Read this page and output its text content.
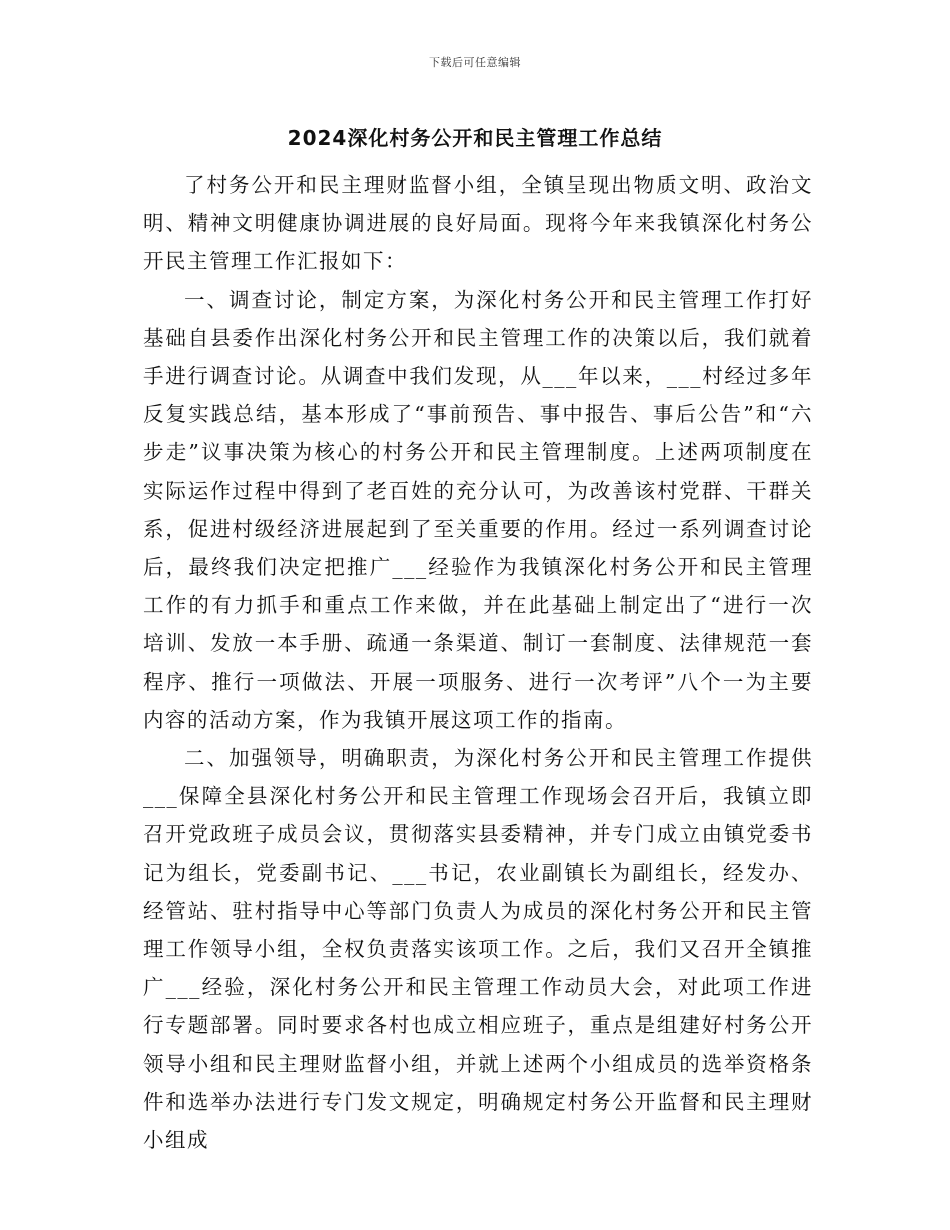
下载后可任意编辑
2024深化村务公开和民主管理工作总结

了村务公开和民主理财监督小组，全镇呈现出物质文明、政治文明、精神文明健康协调进展的良好局面。现将今年来我镇深化村务公开民主管理工作汇报如下：

一、调查讨论，制定方案，为深化村务公开和民主管理工作打好基础自县委作出深化村务公开和民主管理工作的决策以后，我们就着手进行调查讨论。从调查中我们发现，从___年以来，___村经过多年反复实践总结，基本形成了“事前预告、事中报告、事后公告”和“六步走”议事决策为核心的村务公开和民主管理制度。上述两项制度在实际运作过程中得到了老百姓的充分认可，为改善该村党群、干群关系，促进村级经济进展起到了至关重要的作用。经过一系列调查讨论后，最终我们决定把推广___经验作为我镇深化村务公开和民主管理工作的有力抓手和重点工作来做，并在此基础上制定出了“进行一次培训、发放一本手册、疏通一条渠道、制订一套制度、法律规范一套程序、推行一项做法、开展一项服务、进行一次考评”八个一为主要内容的活动方案，作为我镇开展这项工作的指南。

二、加强领导，明确职责，为深化村务公开和民主管理工作提供___保障全县深化村务公开和民主管理工作现场会召开后，我镇立即召开党政班子成员会议，贯彻落实县委精神，并专门成立由镇党委书记为组长，党委副书记、___书记，农业副镇长为副组长，经发办、经管站、驻村指导中心等部门负责人为成员的深化村务公开和民主管理工作领导小组，全权负责落实该项工作。之后，我们又召开全镇推广___经验，深化村务公开和民主管理工作动员大会，对此项工作进行专题部署。同时要求各村也成立相应班子，重点是组建好村务公开领导小组和民主理财监督小组，并就上述两个小组成员的选举资格条件和选举办法进行专门发文规定，明确规定村务公开监督和民主理财小组成
